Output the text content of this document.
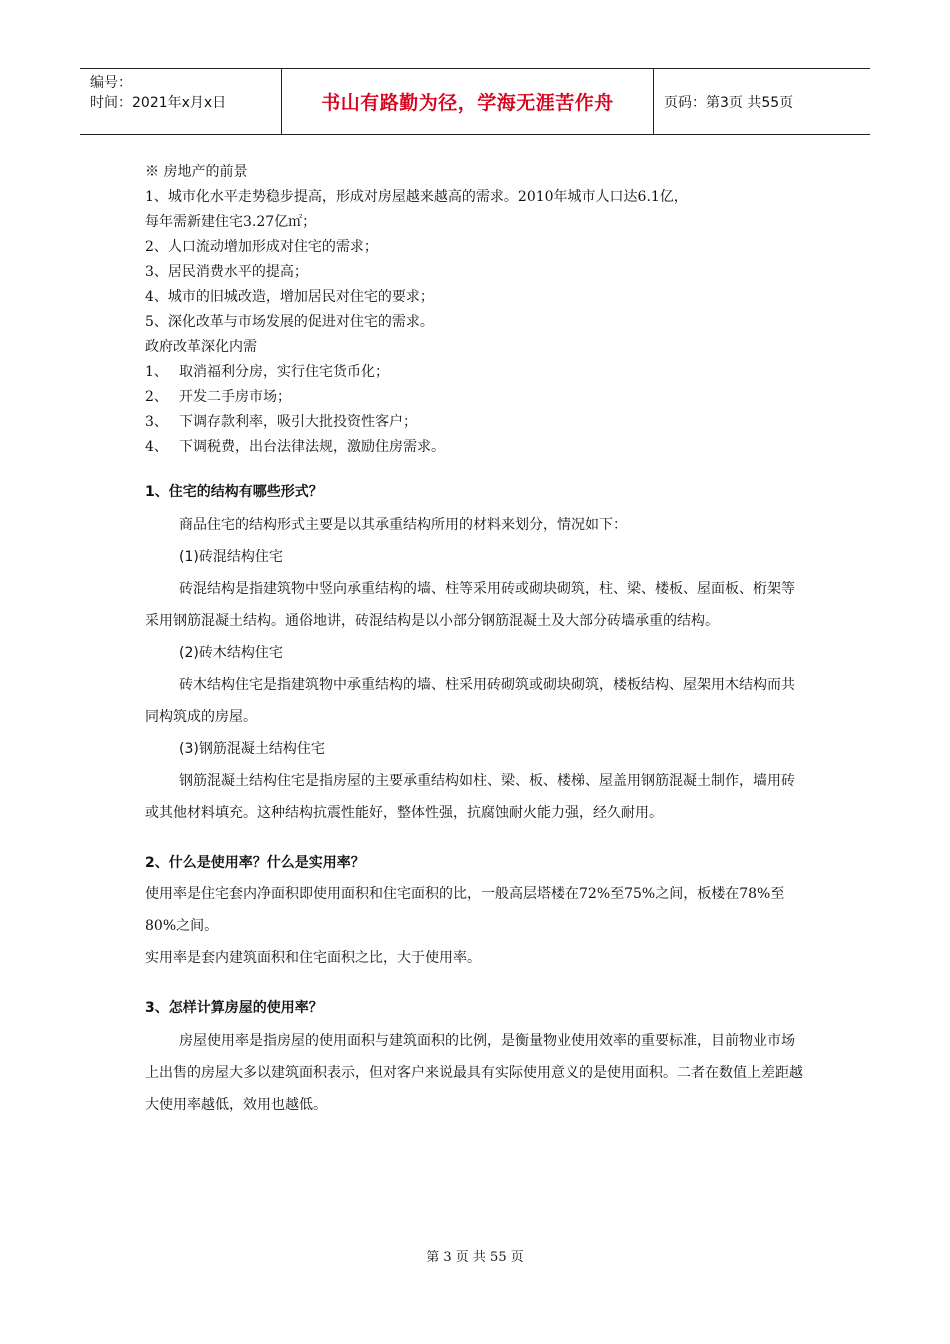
编号：
时间：2021年x月x日	书山有路勤为径，学海无涯苦作舟	页码：第3页 共55页
※ 房地产的前景
1、城市化水平走势稳步提高，形成对房屋越来越高的需求。2010年城市人口达6.1亿，
每年需新建住宅3.27亿㎡；
2、人口流动增加形成对住宅的需求；
3、居民消费水平的提高；
4、城市的旧城改造，增加居民对住宅的要求；
5、深化改革与市场发展的促进对住宅的需求。
政府改革深化内需
1、 取消福利分房，实行住宅货币化；
2、 开发二手房市场；
3、 下调存款利率，吸引大批投资性客户；
4、 下调税费，出台法律法规，激励住房需求。
1、住宅的结构有哪些形式？
商品住宅的结构形式主要是以其承重结构所用的材料来划分，情况如下：
(1)砖混结构住宅
砖混结构是指建筑物中竖向承重结构的墙、柱等采用砖或砌块砌筑，柱、梁、楼板、屋面板、桁架等采用钢筋混凝土结构。通俗地讲，砖混结构是以小部分钢筋混凝土及大部分砖墙承重的结构。
(2)砖木结构住宅
砖木结构住宅是指建筑物中承重结构的墙、柱采用砖砌筑或砌块砌筑，楼板结构、屋架用木结构而共同构筑成的房屋。
(3)钢筋混凝土结构住宅
钢筋混凝土结构住宅是指房屋的主要承重结构如柱、梁、板、楼梯、屋盖用钢筋混凝土制作，墙用砖或其他材料填充。这种结构抗震性能好，整体性强，抗腐蚀耐火能力强，经久耐用。
2、什么是使用率？什么是实用率？
使用率是住宅套内净面积即使用面积和住宅面积的比，一般高层塔楼在72%至75%之间，板楼在78%至80%之间。
实用率是套内建筑面积和住宅面积之比，大于使用率。
3、怎样计算房屋的使用率？
房屋使用率是指房屋的使用面积与建筑面积的比例，是衡量物业使用效率的重要标准，目前物业市场上出售的房屋大多以建筑面积表示，但对客户来说最具有实际使用意义的是使用面积。二者在数值上差距越大使用率越低，效用也越低。
第 3 页 共 55 页
